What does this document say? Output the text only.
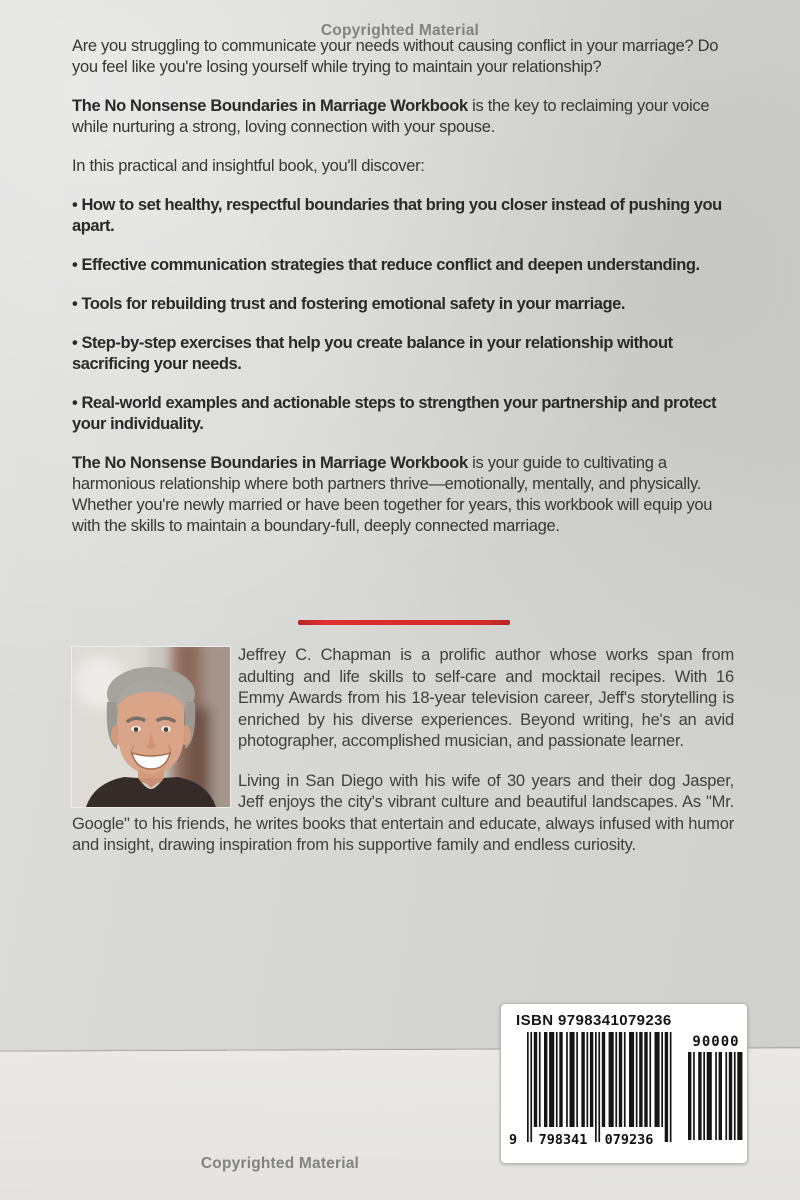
Copyrighted Material

Are you struggling to communicate your needs without causing conflict in your marriage? Do you feel like you're losing yourself while trying to maintain your relationship?

The No Nonsense Boundaries in Marriage Workbook is the key to reclaiming your voice while nurturing a strong, loving connection with your spouse.

In this practical and insightful book, you'll discover:

• How to set healthy, respectful boundaries that bring you closer instead of pushing you apart.

• Effective communication strategies that reduce conflict and deepen understanding.

• Tools for rebuilding trust and fostering emotional safety in your marriage.

• Step-by-step exercises that help you create balance in your relationship without sacrificing your needs.

• Real-world examples and actionable steps to strengthen your partnership and protect your individuality.

The No Nonsense Boundaries in Marriage Workbook is your guide to cultivating a harmonious relationship where both partners thrive—emotionally, mentally, and physically. Whether you're newly married or have been together for years, this workbook will equip you with the skills to maintain a boundary-full, deeply connected marriage.

Jeffrey C. Chapman is a prolific author whose works span from adulting and life skills to self-care and mocktail recipes. With 16 Emmy Awards from his 18-year television career, Jeff's storytelling is enriched by his diverse experiences. Beyond writing, he's an avid photographer, accomplished musician, and passionate learner.

Living in San Diego with his wife of 30 years and their dog Jasper, Jeff enjoys the city's vibrant culture and beautiful landscapes. As "Mr. Google" to his friends, he writes books that entertain and educate, always infused with humor and insight, drawing inspiration from his supportive family and endless curiosity.

ISBN 9798341079236
9	798341 079236
90000
Copyrighted Material
